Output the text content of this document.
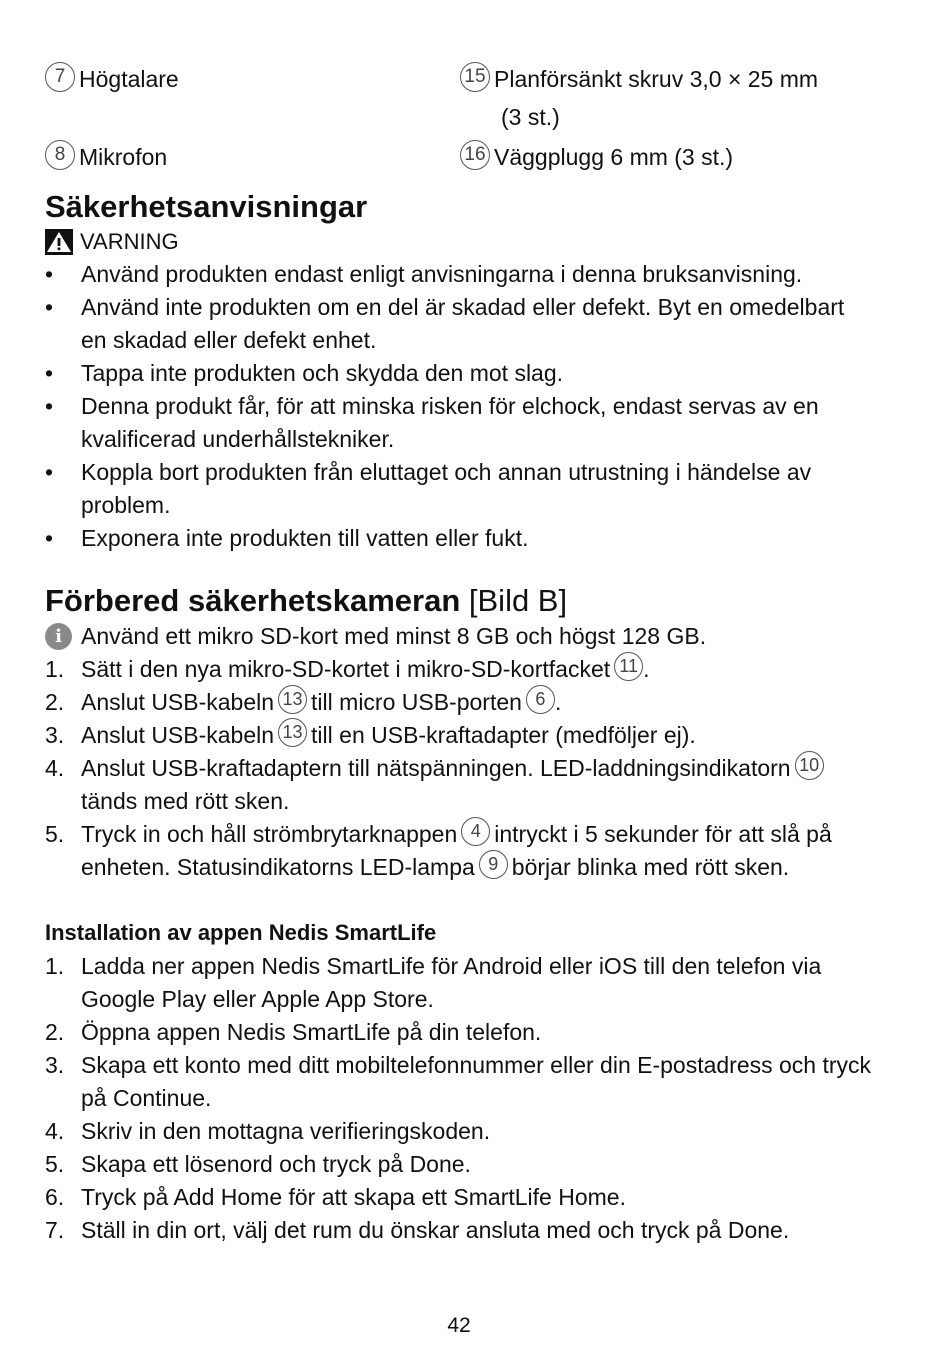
7 Högtalare
8 Mikrofon
15 Planförsänkt skruv 3,0 × 25 mm
(3 st.)
16 Väggplugg 6 mm (3 st.)
Säkerhetsanvisningar
VARNING
•	Använd produkten endast enligt anvisningarna i denna bruksanvisning.
•	Använd inte produkten om en del är skadad eller defekt. Byt en omedelbart en skadad eller defekt enhet.
•	Tappa inte produkten och skydda den mot slag.
•	Denna produkt får, för att minska risken för elchock, endast servas av en kvalificerad underhållstekniker.
•	Koppla bort produkten från eluttaget och annan utrustning i händelse av problem.
•	Exponera inte produkten till vatten eller fukt.
Förbered säkerhetskameran [Bild B]
i Använd ett mikro SD-kort med minst 8 GB och högst 128 GB.
1. Sätt i den nya mikro-SD-kortet i mikro-SD-kortfacket 11 .
2. Anslut USB-kabeln 13 till micro USB-porten 6 .
3. Anslut USB-kabeln 13 till en USB-kraftadapter (medföljer ej).
4. Anslut USB-kraftadaptern till nätspänningen. LED-laddningsindikatorn 10
tänds med rött sken.
5. Tryck in och håll strömbrytarknappen 4 intryckt i 5 sekunder för att slå på enheten. Statusindikatorns LED-lampa 9 börjar blinka med rött sken.
Installation av appen Nedis SmartLife
1. Ladda ner appen Nedis SmartLife för Android eller iOS till den telefon via Google Play eller Apple App Store.
2. Öppna appen Nedis SmartLife på din telefon.
3. Skapa ett konto med ditt mobiltelefonnummer eller din E-postadress och tryck på Continue.
4. Skriv in den mottagna verifieringskoden.
5. Skapa ett lösenord och tryck på Done.
6. Tryck på Add Home för att skapa ett SmartLife Home.
7. Ställ in din ort, välj det rum du önskar ansluta med och tryck på Done.
42
